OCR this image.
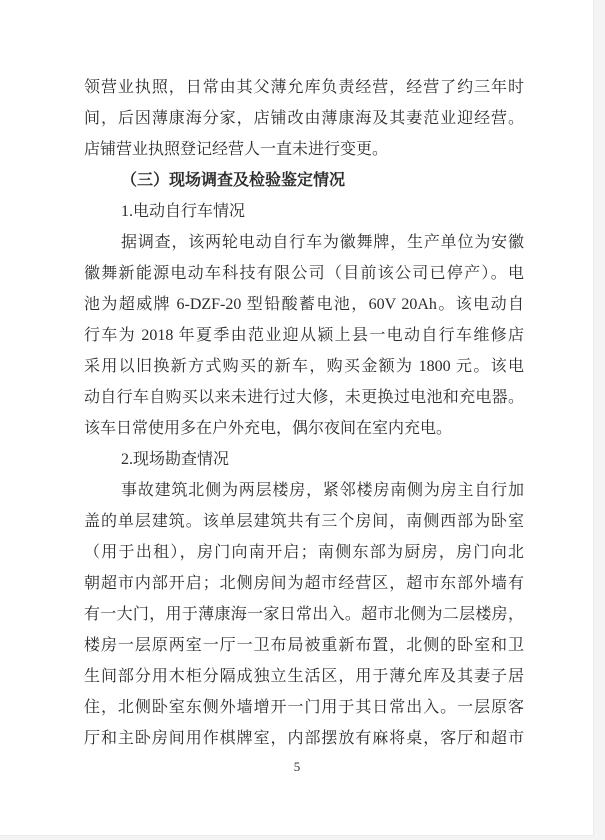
领营业执照，日常由其父薄允库负责经营，经营了约三年时
间，后因薄康海分家，店铺改由薄康海及其妻范业迎经营。
店铺营业执照登记经营人一直未进行变更。
（三）现场调查及检验鉴定情况
1.电动自行车情况
据调查，该两轮电动自行车为徽舞牌，生产单位为安徽
徽舞新能源电动车科技有限公司（目前该公司已停产）。电
池为超威牌 6-DZF-20 型铅酸蓄电池，60V 20Ah。该电动自
行车为 2018 年夏季由范业迎从颍上县一电动自行车维修店
采用以旧换新方式购买的新车，购买金额为 1800 元。该电
动自行车自购买以来未进行过大修，未更换过电池和充电器。
该车日常使用多在户外充电，偶尔夜间在室内充电。
2.现场勘查情况
事故建筑北侧为两层楼房，紧邻楼房南侧为房主自行加
盖的单层建筑。该单层建筑共有三个房间，南侧西部为卧室
（用于出租），房门向南开启；南侧东部为厨房，房门向北
朝超市内部开启；北侧房间为超市经营区，超市东部外墙有
有一大门，用于薄康海一家日常出入。超市北侧为二层楼房，
楼房一层原两室一厅一卫布局被重新布置，北侧的卧室和卫
生间部分用木柜分隔成独立生活区，用于薄允库及其妻子居
住，北侧卧室东侧外墙增开一门用于其日常出入。一层原客
厅和主卧房间用作棋牌室，内部摆放有麻将桌，客厅和超市
5
